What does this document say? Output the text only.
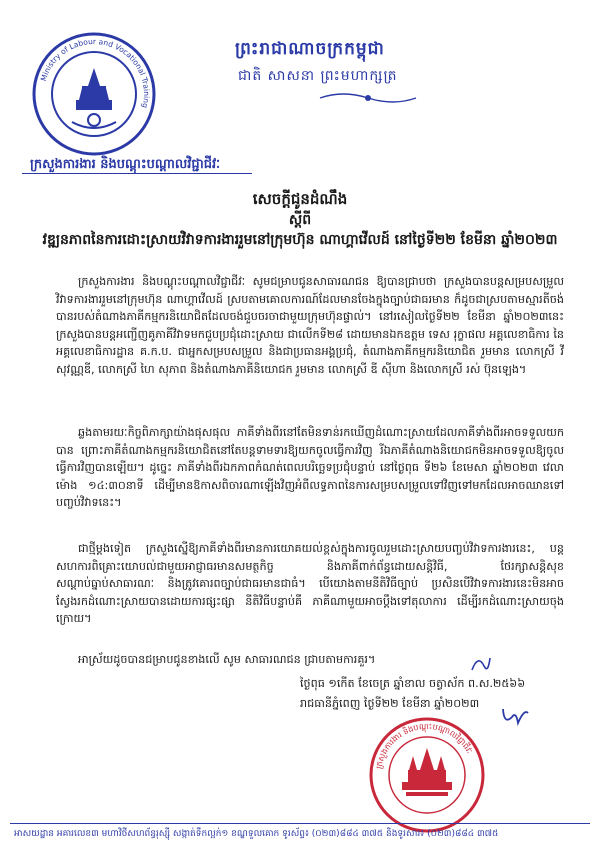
ព្រះរាជាណាចក្រកម្ពុជា
ជាតិ សាសនា ព្រះមហាក្សត្រ
Ministry of Labour and Vocational Training
ក្រសួងការងារ និងបណ្តុះបណ្តាលវិជ្ជាជីវៈ
សេចក្តីជូនដំណឹង
ស្តីពី
វឌ្ឍនភាពនៃការដោះស្រាយវិវាទការងាររួមនៅក្រុមហ៊ុន ណាហ្គាវើលដ៍ នៅថ្ងៃទី២២ ខែមីនា ឆ្នាំ២០២៣
ក្រសួងការងារ និងបណ្តុះបណ្តាលវិជ្ជាជីវៈ សូមជម្រាបជូនសាធារណជន ឱ្យបានជ្រាបថា ក្រសួងបានបន្តសម្របសម្រួលវិវាទការងាររួមនៅក្រុមហ៊ុន ណាហ្គាវើលដ៍ ស្របតាមគោលការណ៍ដែលមានចែងក្នុងច្បាប់ជាធរមាន ក៏ដូចជាស្របតាមស្មារតីចង់បានរបស់តំណាងភាគីកម្មករនិយោជិតដែលចង់ជួបចរចាជាមួយក្រុមហ៊ុនផ្ទាល់។ នៅរសៀលថ្ងៃទី២២ ខែមីនា ឆ្នាំ២០២៣នេះ ក្រសួងបានបន្តអញ្ជើញគូភាគីវិវាទមកជួបប្រជុំដោះស្រាយ ជាលើកទី២៨ ដោយមានឯកឧត្តម ទេស រុក្ខាផល អគ្គលេខាធិការ នៃអគ្គលេខាធិការដ្ឋាន គ.ក.ប. ជាអ្នកសម្របសម្រួល និងជាប្រធានអង្គប្រជុំ, តំណាងភាគីកម្មករនិយោជិត រួមមាន លោកស្រី វី សុវណ្ណឌី, លោកស្រី ហៃ សុភាព និងតំណាងភាគីនិយោជក រួមមាន លោកស្រី ឌី ស៊ីហា និងលោកស្រី រស់ ប៊ុនឡេង។
ឆ្លងតាមរយៈកិច្ចពិភាក្សាយ៉ាងផុសផុល ភាគីទាំងពីរនៅតែមិនទាន់រកឃើញដំណោះស្រាយដែលភាគីទាំងពីរអាចទទួលយកបាន ព្រោះភាគីតំណាងកម្មករនិយោជិតនៅតែបន្តទាមទារឱ្យយកចូលធ្វើការវិញ រីឯភាគីតំណាងនិយោជកមិនអាចទទួលឱ្យចូលធ្វើការវិញបានឡើយ។ ដូច្នេះ ភាគីទាំងពីរឯកភាពកំណត់ពេលបរិច្ឆេទប្រជុំបន្ទាប់ នៅថ្ងៃពុធ ទី២៦ ខែមេសា ឆ្នាំ២០២៣ វេលាម៉ោង ១៤:៣០នាទី ដើម្បីមានឱកាសពិចារណាឡើងវិញអំពីលទ្ធភាពនៃការសម្របសម្រួលទៅវិញទៅមកដែលអាចឈានទៅបញ្ចប់វិវាទនេះ។
ជាថ្មីម្តងទៀត ក្រសួងស្នើឱ្យភាគីទាំងពីរមានការយោគយល់ខ្ពស់ក្នុងការចូលរួមដោះស្រាយបញ្ចប់វិវាទការងារនេះ, បន្តសហការពិគ្រោះយោបល់ជាមួយអាជ្ញាធរមានសមត្ថកិច្ច និងភាគីពាក់ព័ន្ធដោយសន្តិវិធី, ថែរក្សាសន្តិសុខ សណ្តាប់ធ្នាប់សាធារណៈ និងត្រូវគោរពច្បាប់ជាធរមានជាធំ។ បើយោងតាមនីតិវិធីច្បាប់ ប្រសិនបើវិវាទការងារនេះមិនអាចស្វែងរកដំណោះស្រាយបានដោយការផ្សះផ្សា នីតិវិធីបន្ទាប់គឺ ភាគីណាមួយអាចប្តឹងទៅតុលាការ ដើម្បីរកដំណោះស្រាយចុងក្រោយ។
អាស្រ័យដូចបានជម្រាបជូនខាងលើ សូម សាធារណជន ជ្រាបតាមការគួរ។
ថ្ងៃពុធ ១កើត ខែចេត្រ ឆ្នាំខាល ចត្វាស័ក ព.ស.២៥៦៦
រាជធានីភ្នំពេញ ថ្ងៃទី២២ ខែមីនា ឆ្នាំ២០២៣
ក្រសួងការងារ និងបណ្តុះបណ្តាលវិជ្ជាជីវៈ
អាសយដ្ឋាន អគារលេខ៣ មហាវិថីសហព័ន្ធរុស្ស៊ី សង្កាត់ទឹកល្អក់១ ខណ្ឌទួលគោក ទូរស័ព្ទ៖ (០២៣)៨៨៤ ៣៧៥ និងទូរសារ៖ (០២៣)៨៨៤ ៣៧៥
